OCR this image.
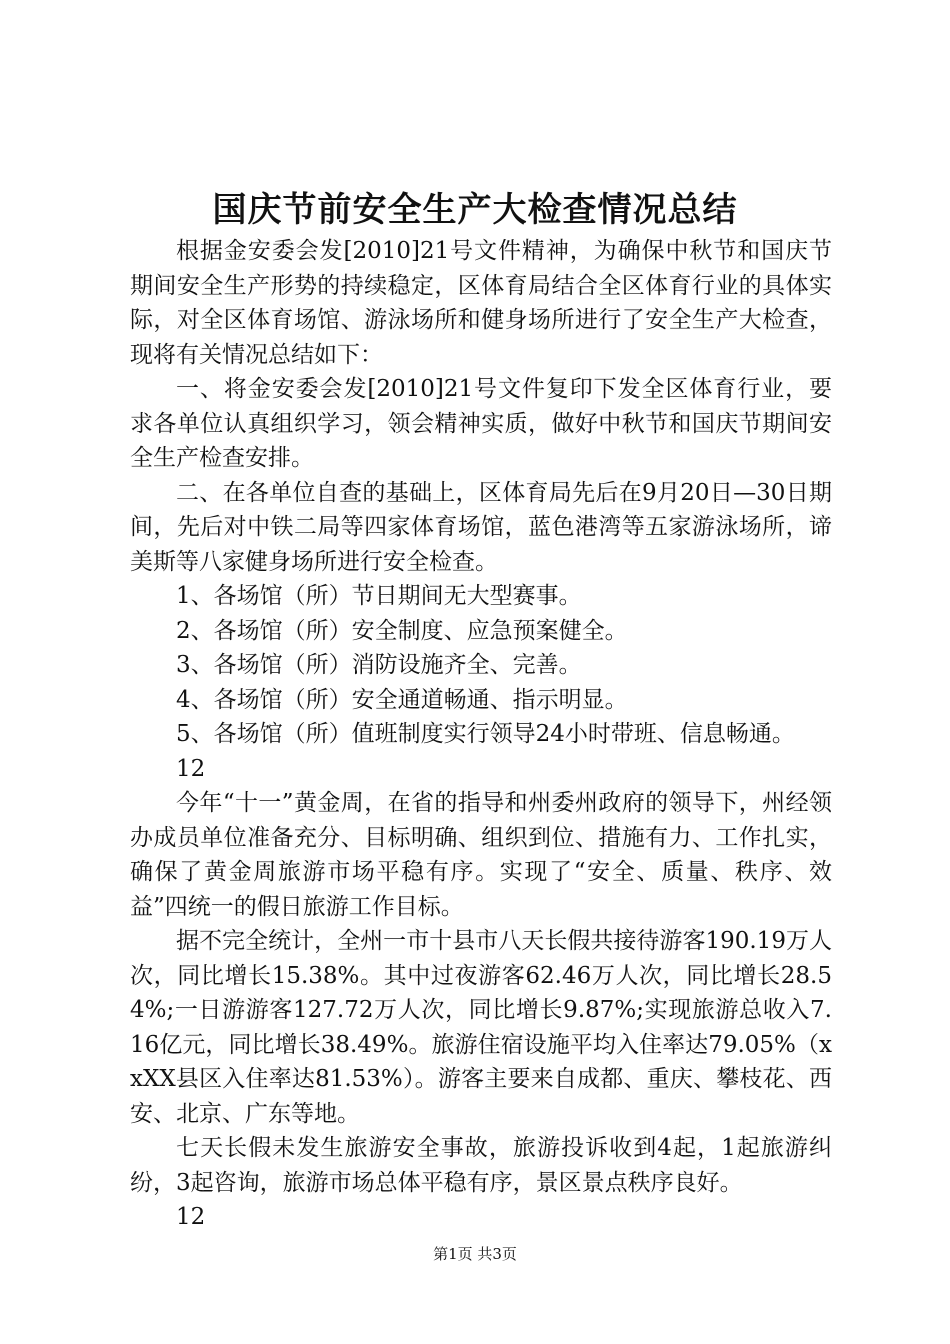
国庆节前安全生产大检查情况总结

根据金安委会发[2010]21号文件精神，为确保中秋节和国庆节期间安全生产形势的持续稳定，区体育局结合全区体育行业的具体实际，对全区体育场馆、游泳场所和健身场所进行了安全生产大检查，现将有关情况总结如下：

一、将金安委会发[2010]21号文件复印下发全区体育行业，要求各单位认真组织学习，领会精神实质，做好中秋节和国庆节期间安全生产检查安排。

二、在各单位自查的基础上，区体育局先后在9月20日—30日期间，先后对中铁二局等四家体育场馆，蓝色港湾等五家游泳场所，谛美斯等八家健身场所进行安全检查。

1、各场馆（所）节日期间无大型赛事。

2、各场馆（所）安全制度、应急预案健全。

3、各场馆（所）消防设施齐全、完善。

4、各场馆（所）安全通道畅通、指示明显。

5、各场馆（所）值班制度实行领导24小时带班、信息畅通。

12

今年“十一”黄金周，在省的指导和州委州政府的领导下，州经领办成员单位准备充分、目标明确、组织到位、措施有力、工作扎实，确保了黄金周旅游市场平稳有序。实现了“安全、质量、秩序、效益”四统一的假日旅游工作目标。

据不完全统计，全州一市十县市八天长假共接待游客190.19万人次，同比增长15.38%。其中过夜游客62.46万人次，同比增长28.54%;一日游游客127.72万人次，同比增长9.87%;实现旅游总收入7.16亿元，同比增长38.49%。旅游住宿设施平均入住率达79.05%（xxXX县区入住率达81.53%）。游客主要来自成都、重庆、攀枝花、西安、北京、广东等地。

七天长假未发生旅游安全事故，旅游投诉收到4起，1起旅游纠纷，3起咨询，旅游市场总体平稳有序，景区景点秩序良好。

12

第1页 共3页
